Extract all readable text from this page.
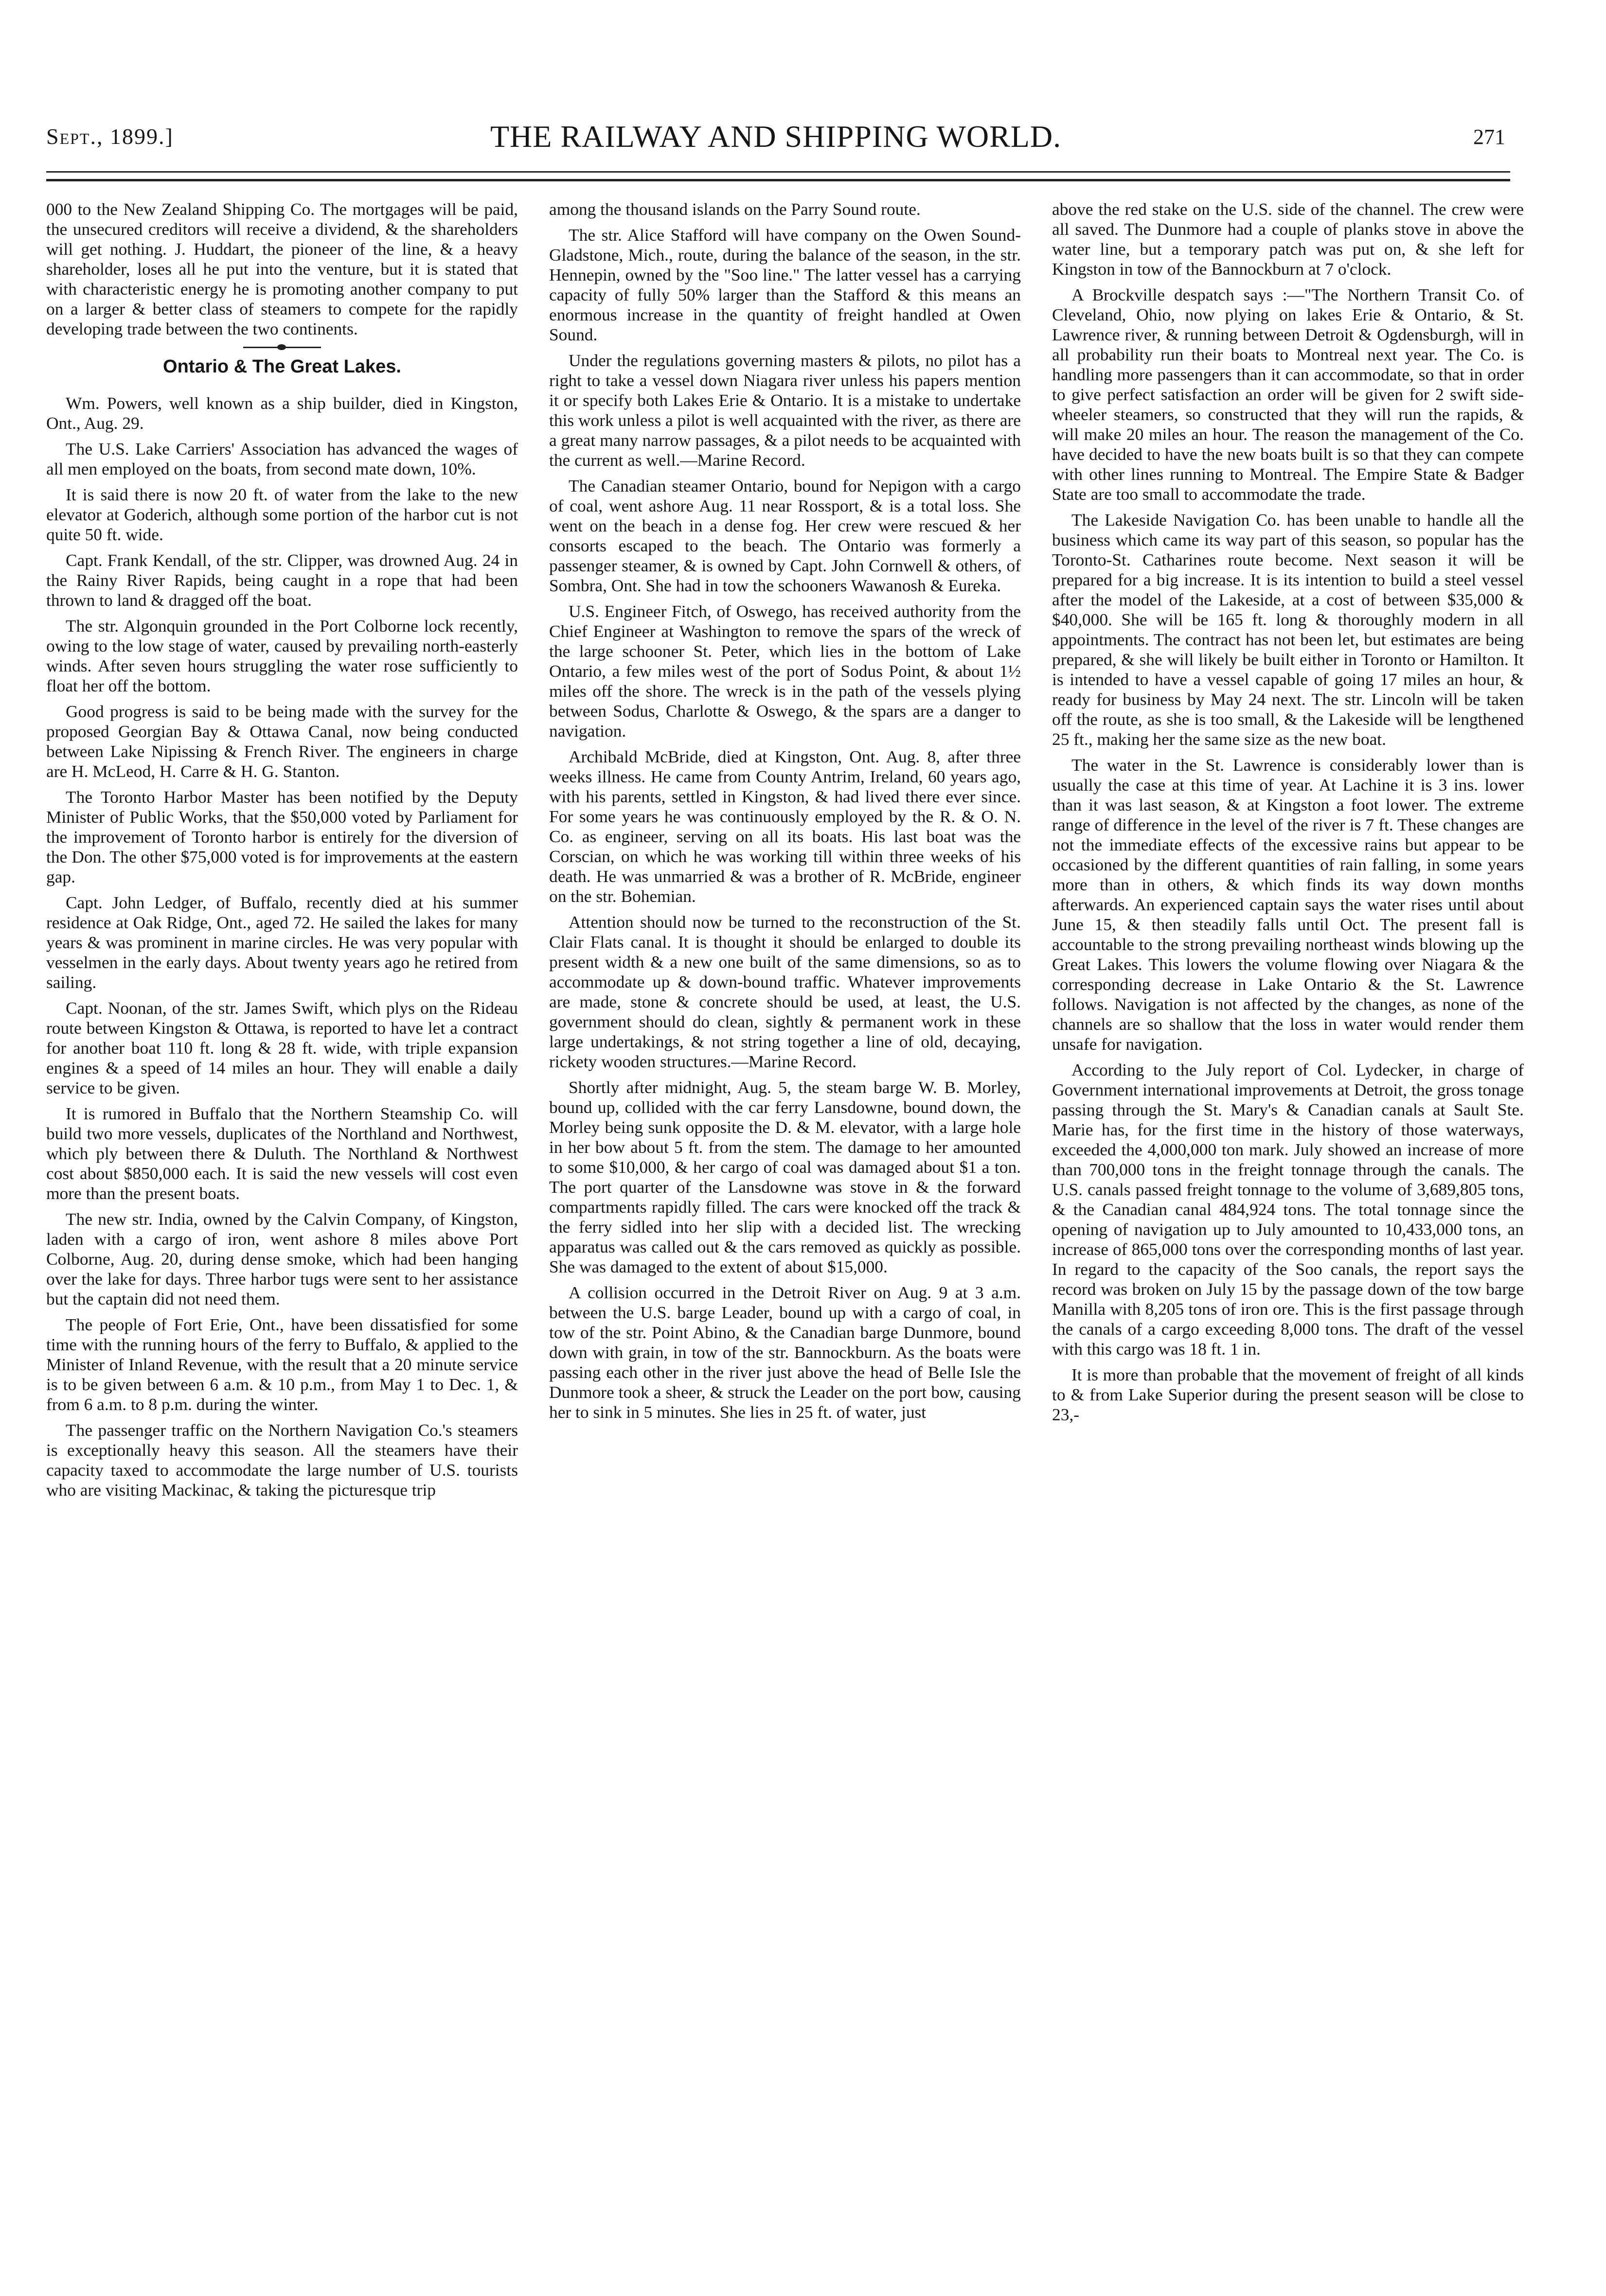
Sept., 1899.]	THE RAILWAY AND SHIPPING WORLD.	271

000 to the New Zealand Shipping Co. The mortgages will be paid, the unsecured creditors will receive a dividend, & the shareholders will get nothing. J. Huddart, the pioneer of the line, & a heavy shareholder, loses all he put into the venture, but it is stated that with characteristic energy he is promoting another company to put on a larger & better class of steamers to compete for the rapidly developing trade between the two continents.

Ontario & The Great Lakes.

Wm. Powers, well known as a ship builder, died in Kingston, Ont., Aug. 29.

The U.S. Lake Carriers' Association has advanced the wages of all men employed on the boats, from second mate down, 10%.

It is said there is now 20 ft. of water from the lake to the new elevator at Goderich, although some portion of the harbor cut is not quite 50 ft. wide.

Capt. Frank Kendall, of the str. Clipper, was drowned Aug. 24 in the Rainy River Rapids, being caught in a rope that had been thrown to land & dragged off the boat.

The str. Algonquin grounded in the Port Colborne lock recently, owing to the low stage of water, caused by prevailing north-easterly winds. After seven hours struggling the water rose sufficiently to float her off the bottom.

Good progress is said to be being made with the survey for the proposed Georgian Bay & Ottawa Canal, now being conducted between Lake Nipissing & French River. The engineers in charge are H. McLeod, H. Carre & H. G. Stanton.

The Toronto Harbor Master has been notified by the Deputy Minister of Public Works, that the $50,000 voted by Parliament for the improvement of Toronto harbor is entirely for the diversion of the Don. The other $75,000 voted is for improvements at the eastern gap.

Capt. John Ledger, of Buffalo, recently died at his summer residence at Oak Ridge, Ont., aged 72. He sailed the lakes for many years & was prominent in marine circles. He was very popular with vesselmen in the early days. About twenty years ago he retired from sailing.

Capt. Noonan, of the str. James Swift, which plys on the Rideau route between Kingston & Ottawa, is reported to have let a contract for another boat 110 ft. long & 28 ft. wide, with triple expansion engines & a speed of 14 miles an hour. They will enable a daily service to be given.

It is rumored in Buffalo that the Northern Steamship Co. will build two more vessels, duplicates of the Northland and Northwest, which ply between there & Duluth. The Northland & Northwest cost about $850,000 each. It is said the new vessels will cost even more than the present boats.

The new str. India, owned by the Calvin Company, of Kingston, laden with a cargo of iron, went ashore 8 miles above Port Colborne, Aug. 20, during dense smoke, which had been hanging over the lake for days. Three harbor tugs were sent to her assistance but the captain did not need them.

The people of Fort Erie, Ont., have been dissatisfied for some time with the running hours of the ferry to Buffalo, & applied to the Minister of Inland Revenue, with the result that a 20 minute service is to be given between 6 a.m. & 10 p.m., from May 1 to Dec. 1, & from 6 a.m. to 8 p.m. during the winter.

The passenger traffic on the Northern Navigation Co.'s steamers is exceptionally heavy this season. All the steamers have their capacity taxed to accommodate the large number of U.S. tourists who are visiting Mackinac, & taking the picturesque trip

among the thousand islands on the Parry Sound route.

The str. Alice Stafford will have company on the Owen Sound-Gladstone, Mich., route, during the balance of the season, in the str. Hennepin, owned by the "Soo line." The latter vessel has a carrying capacity of fully 50% larger than the Stafford & this means an enormous increase in the quantity of freight handled at Owen Sound.

Under the regulations governing masters & pilots, no pilot has a right to take a vessel down Niagara river unless his papers mention it or specify both Lakes Erie & Ontario. It is a mistake to undertake this work unless a pilot is well acquainted with the river, as there are a great many narrow passages, & a pilot needs to be acquainted with the current as well.—Marine Record.

The Canadian steamer Ontario, bound for Nepigon with a cargo of coal, went ashore Aug. 11 near Rossport, & is a total loss. She went on the beach in a dense fog. Her crew were rescued & her consorts escaped to the beach. The Ontario was formerly a passenger steamer, & is owned by Capt. John Cornwell & others, of Sombra, Ont. She had in tow the schooners Wawanosh & Eureka.

U.S. Engineer Fitch, of Oswego, has received authority from the Chief Engineer at Washington to remove the spars of the wreck of the large schooner St. Peter, which lies in the bottom of Lake Ontario, a few miles west of the port of Sodus Point, & about 1½ miles off the shore. The wreck is in the path of the vessels plying between Sodus, Charlotte & Oswego, & the spars are a danger to navigation.

Archibald McBride, died at Kingston, Ont. Aug. 8, after three weeks illness. He came from County Antrim, Ireland, 60 years ago, with his parents, settled in Kingston, & had lived there ever since. For some years he was continuously employed by the R. & O. N. Co. as engineer, serving on all its boats. His last boat was the Corscian, on which he was working till within three weeks of his death. He was unmarried & was a brother of R. McBride, engineer on the str. Bohemian.

Attention should now be turned to the reconstruction of the St. Clair Flats canal. It is thought it should be enlarged to double its present width & a new one built of the same dimensions, so as to accommodate up & down-bound traffic. Whatever improvements are made, stone & concrete should be used, at least, the U.S. government should do clean, sightly & permanent work in these large undertakings, & not string together a line of old, decaying, rickety wooden structures.—Marine Record.

Shortly after midnight, Aug. 5, the steam barge W. B. Morley, bound up, collided with the car ferry Lansdowne, bound down, the Morley being sunk opposite the D. & M. elevator, with a large hole in her bow about 5 ft. from the stem. The damage to her amounted to some $10,000, & her cargo of coal was damaged about $1 a ton. The port quarter of the Lansdowne was stove in & the forward compartments rapidly filled. The cars were knocked off the track & the ferry sidled into her slip with a decided list. The wrecking apparatus was called out & the cars removed as quickly as possible. She was damaged to the extent of about $15,000.

A collision occurred in the Detroit River on Aug. 9 at 3 a.m. between the U.S. barge Leader, bound up with a cargo of coal, in tow of the str. Point Abino, & the Canadian barge Dunmore, bound down with grain, in tow of the str. Bannockburn. As the boats were passing each other in the river just above the head of Belle Isle the Dunmore took a sheer, & struck the Leader on the port bow, causing her to sink in 5 minutes. She lies in 25 ft. of water, just

above the red stake on the U.S. side of the channel. The crew were all saved. The Dunmore had a couple of planks stove in above the water line, but a temporary patch was put on, & she left for Kingston in tow of the Bannockburn at 7 o'clock.

A Brockville despatch says :—"The Northern Transit Co. of Cleveland, Ohio, now plying on lakes Erie & Ontario, & St. Lawrence river, & running between Detroit & Ogdensburgh, will in all probability run their boats to Montreal next year. The Co. is handling more passengers than it can accommodate, so that in order to give perfect satisfaction an order will be given for 2 swift side-wheeler steamers, so constructed that they will run the rapids, & will make 20 miles an hour. The reason the management of the Co. have decided to have the new boats built is so that they can compete with other lines running to Montreal. The Empire State & Badger State are too small to accommodate the trade.

The Lakeside Navigation Co. has been unable to handle all the business which came its way part of this season, so popular has the Toronto-St. Catharines route become. Next season it will be prepared for a big increase. It is its intention to build a steel vessel after the model of the Lakeside, at a cost of between $35,000 & $40,000. She will be 165 ft. long & thoroughly modern in all appointments. The contract has not been let, but estimates are being prepared, & she will likely be built either in Toronto or Hamilton. It is intended to have a vessel capable of going 17 miles an hour, & ready for business by May 24 next. The str. Lincoln will be taken off the route, as she is too small, & the Lakeside will be lengthened 25 ft., making her the same size as the new boat.

The water in the St. Lawrence is considerably lower than is usually the case at this time of year. At Lachine it is 3 ins. lower than it was last season, & at Kingston a foot lower. The extreme range of difference in the level of the river is 7 ft. These changes are not the immediate effects of the excessive rains but appear to be occasioned by the different quantities of rain falling, in some years more than in others, & which finds its way down months afterwards. An experienced captain says the water rises until about June 15, & then steadily falls until Oct. The present fall is accountable to the strong prevailing northeast winds blowing up the Great Lakes. This lowers the volume flowing over Niagara & the corresponding decrease in Lake Ontario & the St. Lawrence follows. Navigation is not affected by the changes, as none of the channels are so shallow that the loss in water would render them unsafe for navigation.

According to the July report of Col. Lydecker, in charge of Government international improvements at Detroit, the gross tonage passing through the St. Mary's & Canadian canals at Sault Ste. Marie has, for the first time in the history of those waterways, exceeded the 4,000,000 ton mark. July showed an increase of more than 700,000 tons in the freight tonnage through the canals. The U.S. canals passed freight tonnage to the volume of 3,689,805 tons, & the Canadian canal 484,924 tons. The total tonnage since the opening of navigation up to July amounted to 10,433,000 tons, an increase of 865,000 tons over the corresponding months of last year. In regard to the capacity of the Soo canals, the report says the record was broken on July 15 by the passage down of the tow barge Manilla with 8,205 tons of iron ore. This is the first passage through the canals of a cargo exceeding 8,000 tons. The draft of the vessel with this cargo was 18 ft. 1 in.

It is more than probable that the movement of freight of all kinds to & from Lake Superior during the present season will be close to 23,-
